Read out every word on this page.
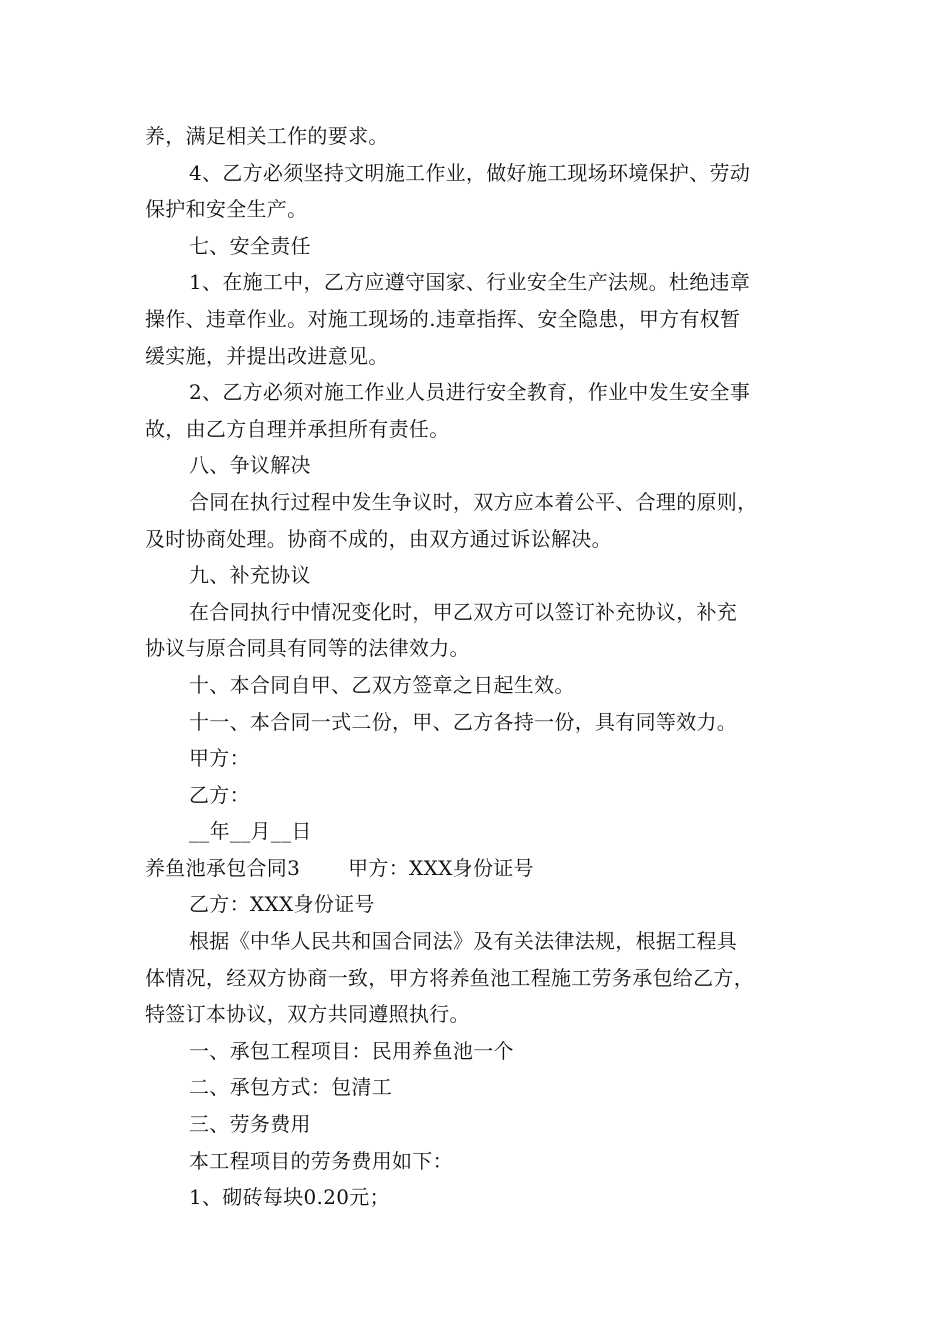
养，满足相关工作的要求。
4、乙方必须坚持文明施工作业，做好施工现场环境保护、劳动
保护和安全生产。
七、安全责任
1、在施工中，乙方应遵守国家、行业安全生产法规。杜绝违章
操作、违章作业。对施工现场的.违章指挥、安全隐患，甲方有权暂
缓实施，并提出改进意见。
2、乙方必须对施工作业人员进行安全教育，作业中发生安全事
故，由乙方自理并承担所有责任。
八、争议解决
合同在执行过程中发生争议时，双方应本着公平、合理的原则，
及时协商处理。协商不成的，由双方通过诉讼解决。
九、补充协议
在合同执行中情况变化时，甲乙双方可以签订补充协议，补充
协议与原合同具有同等的法律效力。
十、本合同自甲、乙双方签章之日起生效。
十一、本合同一式二份，甲、乙方各持一份，具有同等效力。
甲方：
乙方：
__年__月__日
养鱼池承包合同3 甲方：XXX身份证号
乙方：XXX身份证号
根据《中华人民共和国合同法》及有关法律法规，根据工程具
体情况，经双方协商一致，甲方将养鱼池工程施工劳务承包给乙方，
特签订本协议，双方共同遵照执行。
一、承包工程项目：民用养鱼池一个
二、承包方式：包清工
三、劳务费用
本工程项目的劳务费用如下：
1、砌砖每块0.20元；
